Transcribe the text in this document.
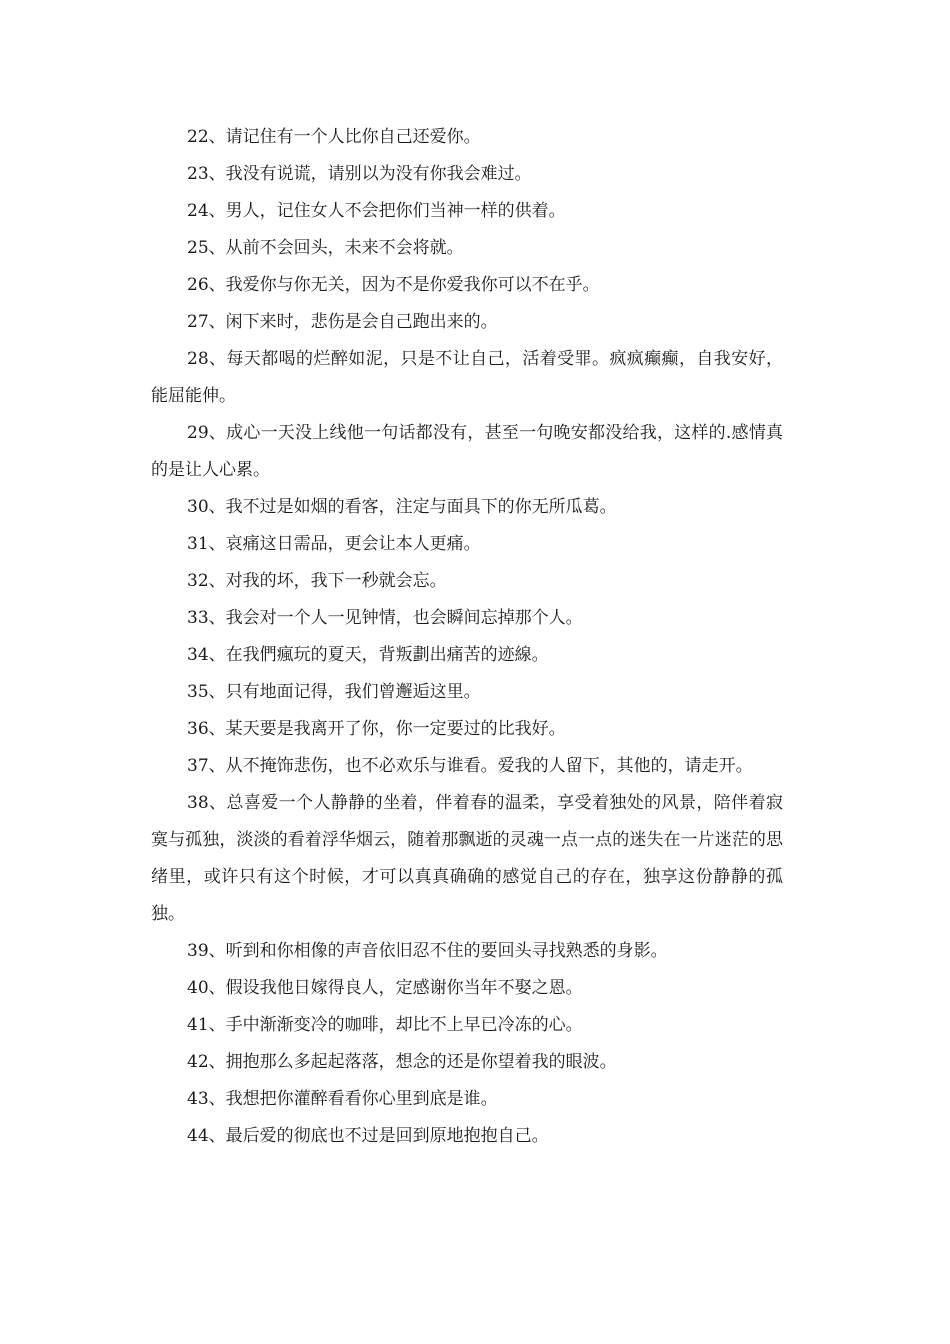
22、请记住有一个人比你自己还爱你。

23、我没有说谎，请别以为没有你我会难过。

24、男人，记住女人不会把你们当神一样的供着。

25、从前不会回头，未来不会将就。

26、我爱你与你无关，因为不是你爱我你可以不在乎。

27、闲下来时，悲伤是会自己跑出来的。

28、每天都喝的烂醉如泥，只是不让自己，活着受罪。疯疯癫癫，自我安好，能屈能伸。

29、成心一天没上线他一句话都没有，甚至一句晚安都没给我，这样的.感情真的是让人心累。

30、我不过是如烟的看客，注定与面具下的你无所瓜葛。

31、哀痛这日需品，更会让本人更痛。

32、对我的坏，我下一秒就会忘。

33、我会对一个人一见钟情，也会瞬间忘掉那个人。

34、在我們瘋玩的夏天，背叛劃出痛苦的迹線。

35、只有地面记得，我们曾邂逅这里。

36、某天要是我离开了你，你一定要过的比我好。

37、从不掩饰悲伤，也不必欢乐与谁看。爱我的人留下，其他的，请走开。

38、总喜爱一个人静静的坐着，伴着春的温柔，享受着独处的风景，陪伴着寂寞与孤独，淡淡的看着浮华烟云，随着那飘逝的灵魂一点一点的迷失在一片迷茫的思绪里，或许只有这个时候，才可以真真确确的感觉自己的存在，独享这份静静的孤独。

39、听到和你相像的声音依旧忍不住的要回头寻找熟悉的身影。

40、假设我他日嫁得良人，定感谢你当年不娶之恩。

41、手中渐渐变冷的咖啡，却比不上早已冷冻的心。

42、拥抱那么多起起落落，想念的还是你望着我的眼波。

43、我想把你灌醉看看你心里到底是谁。

44、最后爱的彻底也不过是回到原地抱抱自己。
